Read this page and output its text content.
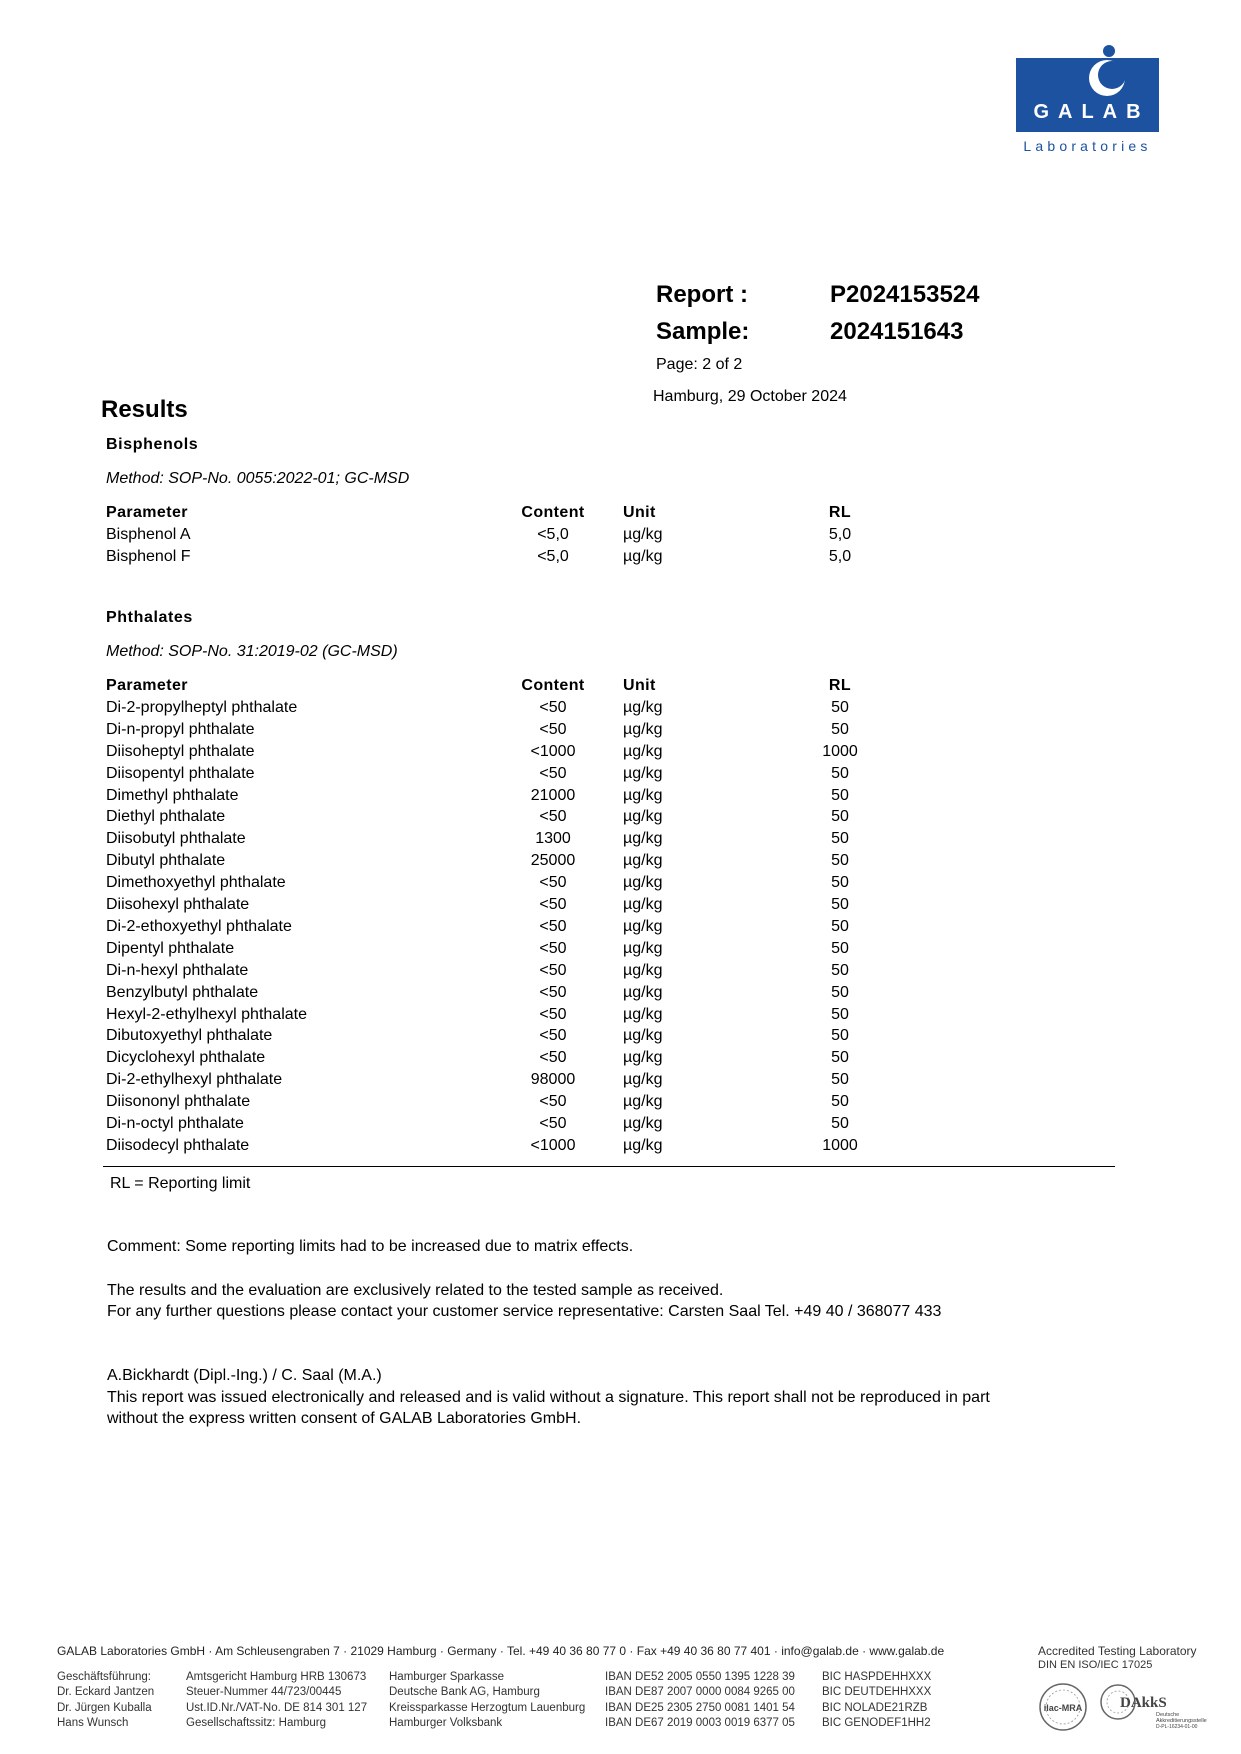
GALAB
Laboratories
Report :	P2024153524
Sample:	2024151643
Page: 2 of 2
Hamburg, 29 October 2024
Results
Bisphenols
Method: SOP-No. 0055:2022-01; GC-MSD
Parameter	Content	Unit	RL
Bisphenol A	<5,0	µg/kg	5,0
Bisphenol F	<5,0	µg/kg	5,0
Phthalates
Method: SOP-No. 31:2019-02 (GC-MSD)
Parameter	Content	Unit	RL
Di-2-propylheptyl phthalate	<50	µg/kg	50
Di-n-propyl phthalate	<50	µg/kg	50
Diisoheptyl phthalate	<1000	µg/kg	1000
Diisopentyl phthalate	<50	µg/kg	50
Dimethyl phthalate	21000	µg/kg	50
Diethyl phthalate	<50	µg/kg	50
Diisobutyl phthalate	1300	µg/kg	50
Dibutyl phthalate	25000	µg/kg	50
Dimethoxyethyl phthalate	<50	µg/kg	50
Diisohexyl phthalate	<50	µg/kg	50
Di-2-ethoxyethyl phthalate	<50	µg/kg	50
Dipentyl phthalate	<50	µg/kg	50
Di-n-hexyl phthalate	<50	µg/kg	50
Benzylbutyl phthalate	<50	µg/kg	50
Hexyl-2-ethylhexyl phthalate	<50	µg/kg	50
Dibutoxyethyl phthalate	<50	µg/kg	50
Dicyclohexyl phthalate	<50	µg/kg	50
Di-2-ethylhexyl phthalate	98000	µg/kg	50
Diisononyl phthalate	<50	µg/kg	50
Di-n-octyl phthalate	<50	µg/kg	50
Diisodecyl phthalate	<1000	µg/kg	1000
RL = Reporting limit
Comment: Some reporting limits had to be increased due to matrix effects.
The results and the evaluation are exclusively related to the tested sample as received.
For any further questions please contact your customer service representative: Carsten Saal Tel. +49 40 / 368077 433
A.Bickhardt (Dipl.-Ing.) / C. Saal (M.A.)
This report was issued electronically and released and is valid without a signature. This report shall not be reproduced in part
without the express written consent of GALAB Laboratories GmbH.
GALAB Laboratories GmbH · Am Schleusengraben 7 · 21029 Hamburg · Germany · Tel. +49 40 36 80 77 0 · Fax +49 40 36 80 77 401 · info@galab.de · www.galab.de
Geschäftsführung:
Dr. Eckard Jantzen
Dr. Jürgen Kuballa
Hans Wunsch
Amtsgericht Hamburg HRB 130673
Steuer-Nummer 44/723/00445
Ust.ID.Nr./VAT-No. DE 814 301 127
Gesellschaftssitz: Hamburg
Hamburger Sparkasse
Deutsche Bank AG, Hamburg
Kreissparkasse Herzogtum Lauenburg
Hamburger Volksbank
IBAN DE52 2005 0550 1395 1228 39
IBAN DE87 2007 0000 0084 9265 00
IBAN DE25 2305 2750 0081 1401 54
IBAN DE67 2019 0003 0019 6377 05
BIC HASPDEHHXXX
BIC DEUTDEHHXXX
BIC NOLADE21RZB
BIC GENODEF1HH2
Accredited Testing Laboratory
DIN EN ISO/IEC 17025
ilac-MRA	DAkkS
Deutsche
Akkreditierungsstelle
D-PL-16234-01-00
